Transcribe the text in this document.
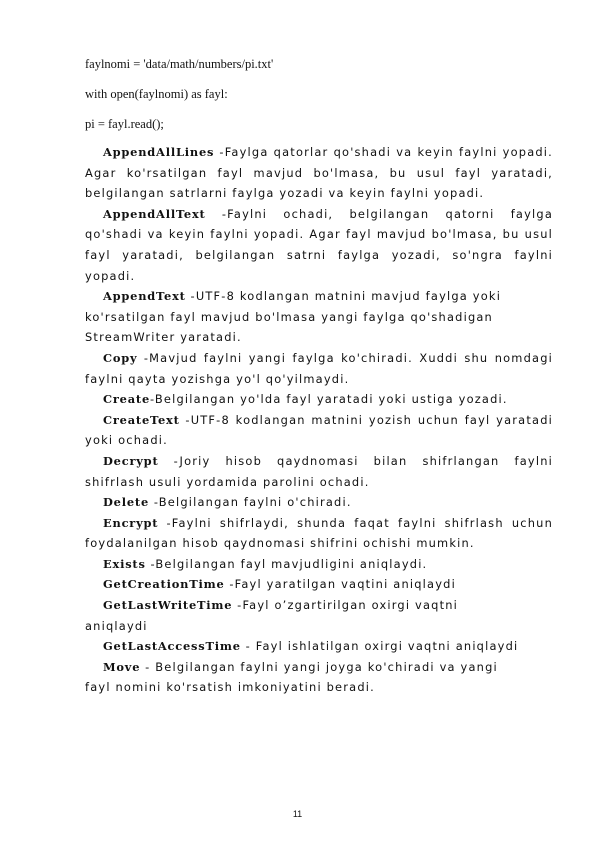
faylnomi = 'data/math/numbers/pi.txt'
with open(faylnomi) as fayl:
pi = fayl.read();

AppendAllLines -Faylga qatorlar qo'shadi va keyin faylni yopadi. Agar ko'rsatilgan fayl mavjud bo'lmasa, bu usul fayl yaratadi, belgilangan satrlarni faylga yozadi va keyin faylni yopadi.

AppendAllText -Faylni ochadi, belgilangan qatorni faylga qo'shadi va keyin faylni yopadi. Agar fayl mavjud bo'lmasa, bu usul fayl yaratadi, belgilangan satrni faylga yozadi, so'ngra faylni yopadi.

AppendText -UTF-8 kodlangan matnini mavjud faylga yoki ko'rsatilgan fayl mavjud bo'lmasa yangi faylga qo'shadigan StreamWriter yaratadi.

Copy -Mavjud faylni yangi faylga ko'chiradi. Xuddi shu nomdagi faylni qayta yozishga yo'l qo'yilmaydi.

Create-Belgilangan yo'lda fayl yaratadi yoki ustiga yozadi.

CreateText -UTF-8 kodlangan matnini yozish uchun fayl yaratadi yoki ochadi.

Decrypt -Joriy hisob qaydnomasi bilan shifrlangan faylni shifrlash usuli yordamida parolini ochadi.

Delete -Belgilangan faylni o'chiradi.

Encrypt -Faylni shifrlaydi, shunda faqat faylni shifrlash uchun foydalanilgan hisob qaydnomasi shifrini ochishi mumkin.

Exists -Belgilangan fayl mavjudligini aniqlaydi.

GetCreationTime -Fayl yaratilgan vaqtini aniqlaydi

GetLastWriteTime -Fayl o’zgartirilgan oxirgi vaqtni aniqlaydi

GetLastAccessTime - Fayl ishlatilgan oxirgi vaqtni aniqlaydi

Move - Belgilangan faylni yangi joyga ko'chiradi va yangi fayl nomini ko'rsatish imkoniyatini beradi.

11
